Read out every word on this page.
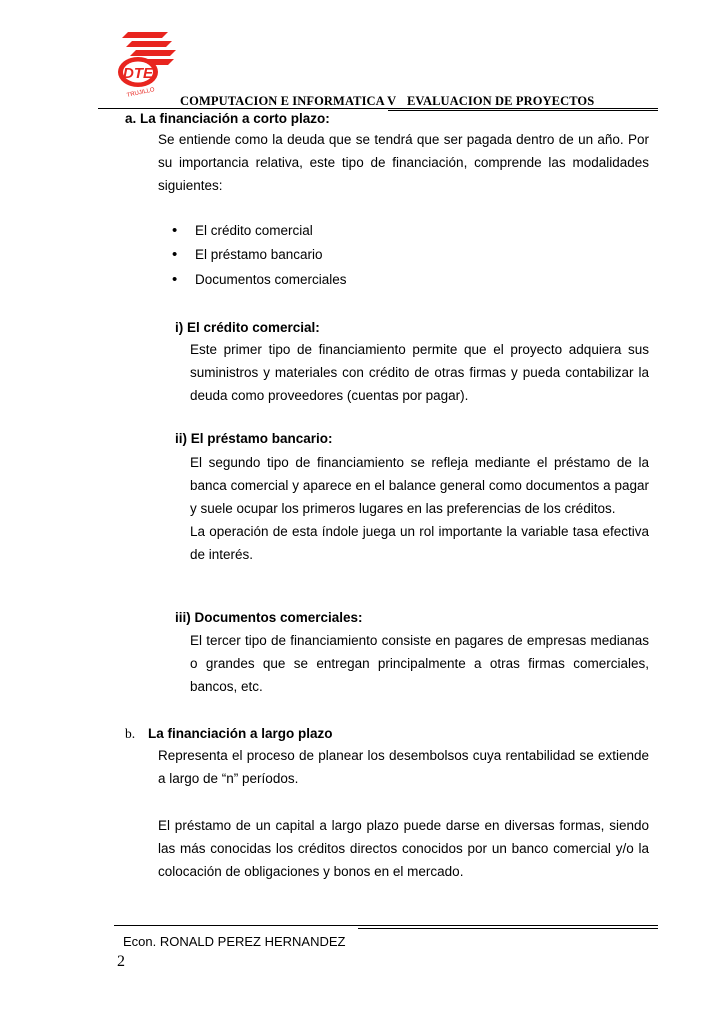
DTE
TRUJILLO
COMPUTACION E INFORMATICA V EVALUACION DE PROYECTOS
a. La financiación a corto plazo:

Se entiende como la deuda que se tendrá que ser pagada dentro de un año. Por su importancia relativa, este tipo de financiación, comprende las modalidades siguientes:

•	El crédito comercial
•	El préstamo bancario
•	Documentos comerciales
i) El crédito comercial:

Este primer tipo de financiamiento permite que el proyecto adquiera sus suministros y materiales con crédito de otras firmas y pueda contabilizar la deuda como proveedores (cuentas por pagar).

ii) El préstamo bancario:

El segundo tipo de financiamiento se refleja mediante el préstamo de la banca comercial y aparece en el balance general como documentos a pagar y suele ocupar los primeros lugares en las preferencias de los créditos.

La operación de esta índole juega un rol importante la variable tasa efectiva de interés.

iii) Documentos comerciales:

El tercer tipo de financiamiento consiste en pagares de empresas medianas o grandes que se entregan principalmente a otras firmas comerciales, bancos, etc.

b. La financiación a largo plazo

Representa el proceso de planear los desembolsos cuya rentabilidad se extiende a largo de “n” períodos.

El préstamo de un capital a largo plazo puede darse en diversas formas, siendo las más conocidas los créditos directos conocidos por un banco comercial y/o la colocación de obligaciones y bonos en el mercado.

Econ. RONALD PEREZ HERNANDEZ
2
